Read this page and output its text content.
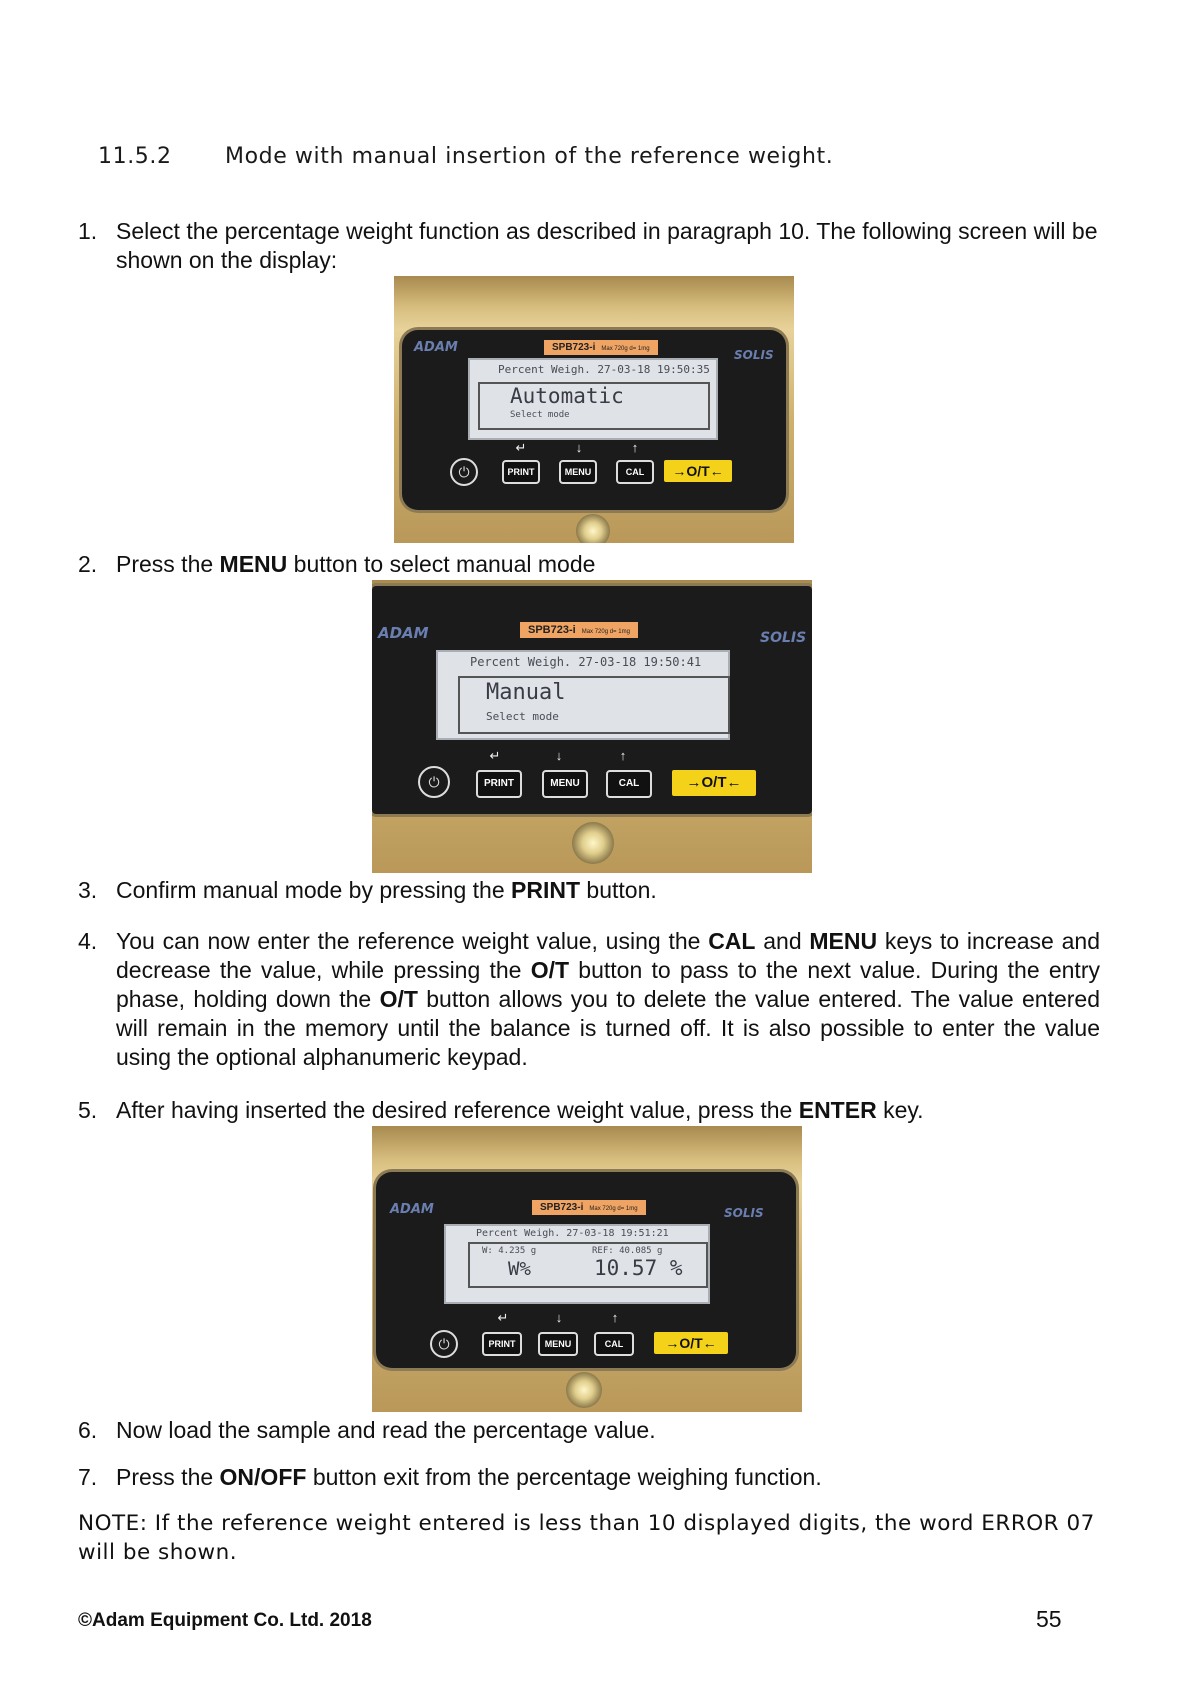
11.5.2 Mode with manual insertion of the reference weight.
1. Select the percentage weight function as described in paragraph 10. The following screen will be shown on the display:
ADAM	SOLIS
SPB723-i Max 720g d= 1mg
Percent Weigh. 27-03-18 19:50:35
Automatic
Select mode
↵	↓	↑
⏻	PRINT	MENU	CAL	→O/T←
2. Press the MENU button to select manual mode
ADAM	SOLIS
SPB723-i Max 720g d= 1mg
Percent Weigh. 27-03-18 19:50:41
Manual
Select mode
↵	↓	↑
⏻	PRINT	MENU	CAL	→O/T←
3. Confirm manual mode by pressing the PRINT button.
4. You can now enter the reference weight value, using the CAL and MENU keys to increase and decrease the value, while pressing the O/T button to pass to the next value. During the entry phase, holding down the O/T button allows you to delete the value entered. The value entered will remain in the memory until the balance is turned off. It is also possible to enter the value using the optional alphanumeric keypad.
5. After having inserted the desired reference weight value, press the ENTER key.
ADAM	SOLIS
SPB723-i Max 720g d= 1mg
Percent Weigh. 27-03-18 19:51:21
W: 4.235 g	REF: 40.085 g
W%	10.57 %
↵	↓	↑
⏻	PRINT	MENU	CAL	→O/T←
6. Now load the sample and read the percentage value.
7. Press the ON/OFF button exit from the percentage weighing function.
NOTE: If the reference weight entered is less than 10 displayed digits, the word ERROR 07 will be shown.
©Adam Equipment Co. Ltd. 2018	55
